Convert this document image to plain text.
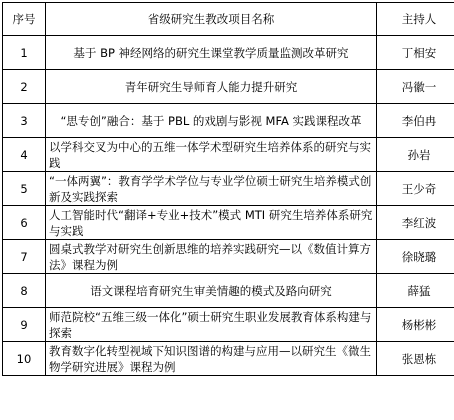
序号	省级研究生教改项目名称	主持人
1	基于 BP 神经网络的研究生课堂教学质量监测改革研究	丁相安
2	青年研究生导师育人能力提升研究	冯徽一
3	“思专创”融合：基于 PBL 的戏剧与影视 MFA 实践课程改革	李伯冉
4	以学科交叉为中心的五维一体学术型研究生培养体系的研究与实践	孙岩
5	“一体两翼”：教育学学术学位与专业学位硕士研究生培养模式创新及实践探索	王少奇
6	人工智能时代“翻译+专业+技术”模式 MTI 研究生培养体系研究与实践	李红波
7	圆桌式教学对研究生创新思维的培养实践研究—以《数值计算方法》课程为例	徐晓璐
8	语文课程培育研究生审美情趣的模式及路向研究	薛猛
9	师范院校“五维三级一体化”硕士研究生职业发展教育体系构建与探索	杨彬彬
10	教育数字化转型视域下知识图谱的构建与应用—以研究生《微生物学研究进展》课程为例	张恩栋
